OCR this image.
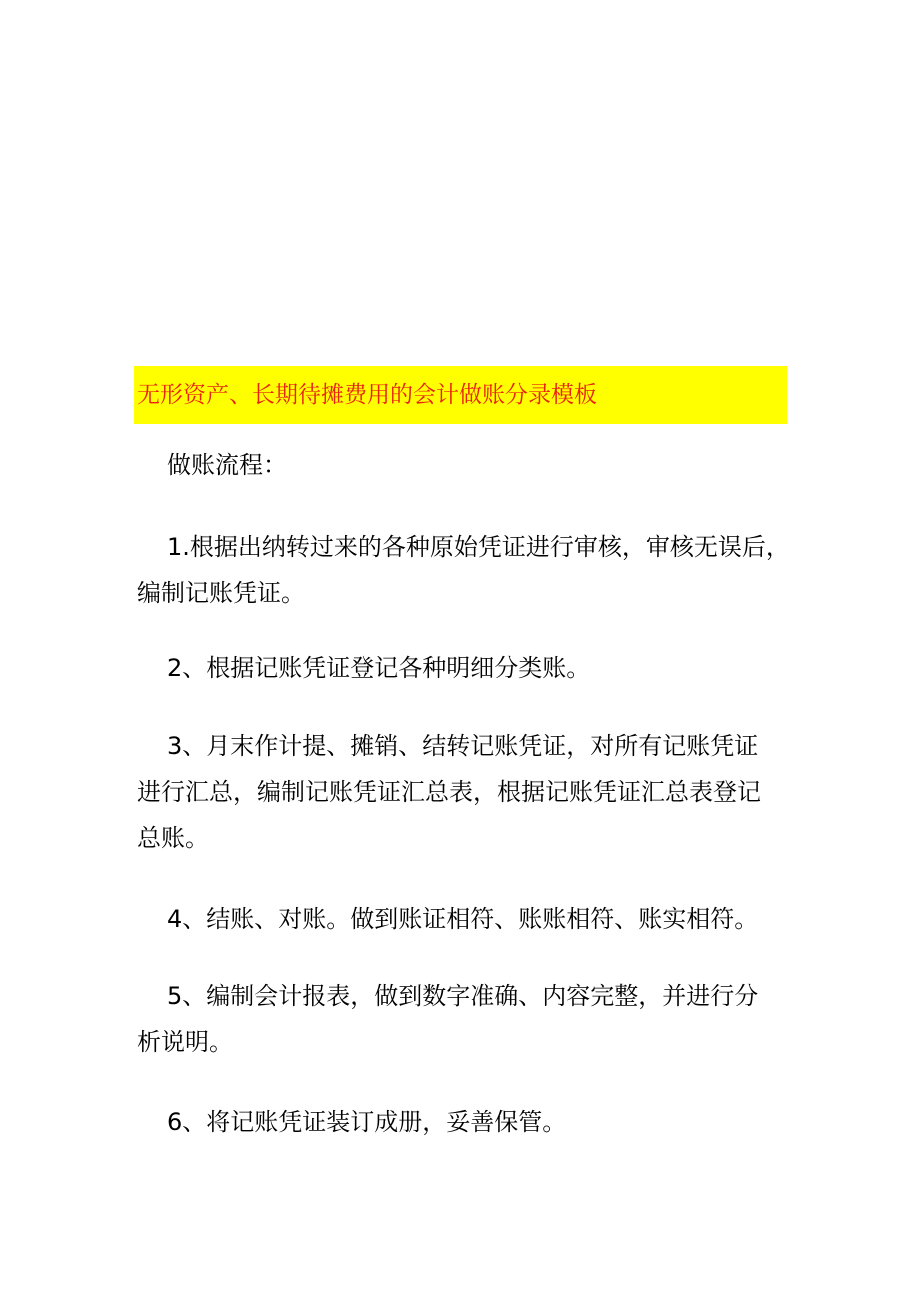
无形资产、长期待摊费用的会计做账分录模板
做账流程：
1.根据出纳转过来的各种原始凭证进行审核，审核无误后，
编制记账凭证。
2、根据记账凭证登记各种明细分类账。
3、月末作计提、摊销、结转记账凭证，对所有记账凭证
进行汇总，编制记账凭证汇总表，根据记账凭证汇总表登记
总账。
4、结账、对账。做到账证相符、账账相符、账实相符。
5、编制会计报表，做到数字准确、内容完整，并进行分
析说明。
6、将记账凭证装订成册，妥善保管。
